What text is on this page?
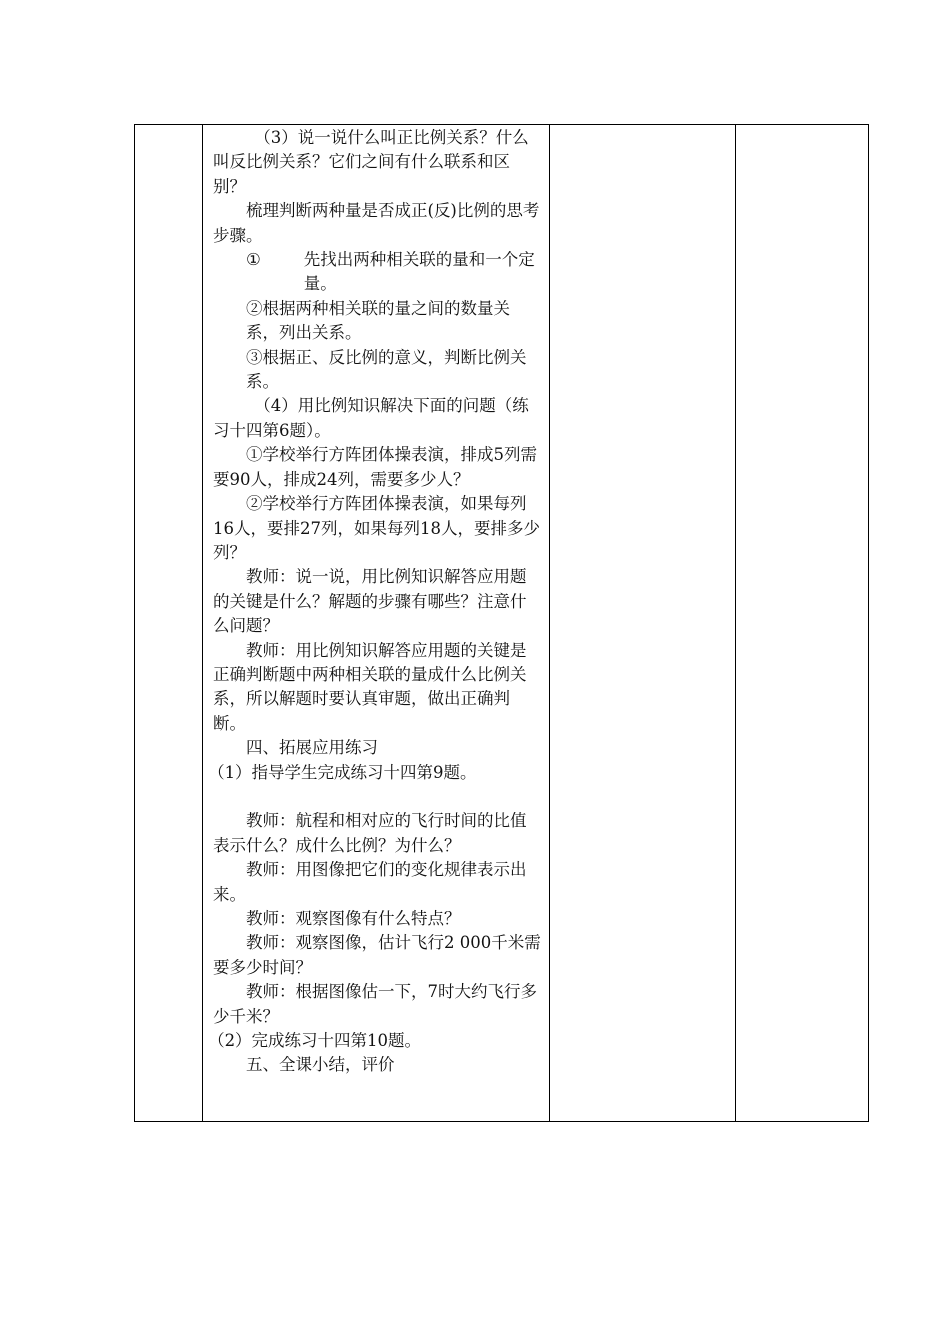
（3）说一说什么叫正比例关系？什么叫反比例关系？它们之间有什么联系和区别？

梳理判断两种量是否成正(反)比例的思考步骤。

①	先找出两种相关联的量和一个定量。

②根据两种相关联的量之间的数量关系，列出关系。

③根据正、反比例的意义，判断比例关系。

（4）用比例知识解决下面的问题（练习十四第6题）。

①学校举行方阵团体操表演，排成5列需要90人，排成24列，需要多少人？

②学校举行方阵团体操表演，如果每列16人，要排27列，如果每列18人，要排多少列？

教师：说一说，用比例知识解答应用题的关键是什么？解题的步骤有哪些？注意什么问题？

教师：用比例知识解答应用题的关键是正确判断题中两种相关联的量成什么比例关系，所以解题时要认真审题，做出正确判断。

四、拓展应用练习

（1）指导学生完成练习十四第9题。

教师：航程和相对应的飞行时间的比值表示什么？成什么比例？为什么？

教师：用图像把它们的变化规律表示出来。

教师：观察图像有什么特点？

教师：观察图像，估计飞行2 000千米需要多少时间？

教师：根据图像估一下，7时大约飞行多少千米？

（2）完成练习十四第10题。

五、全课小结，评价
